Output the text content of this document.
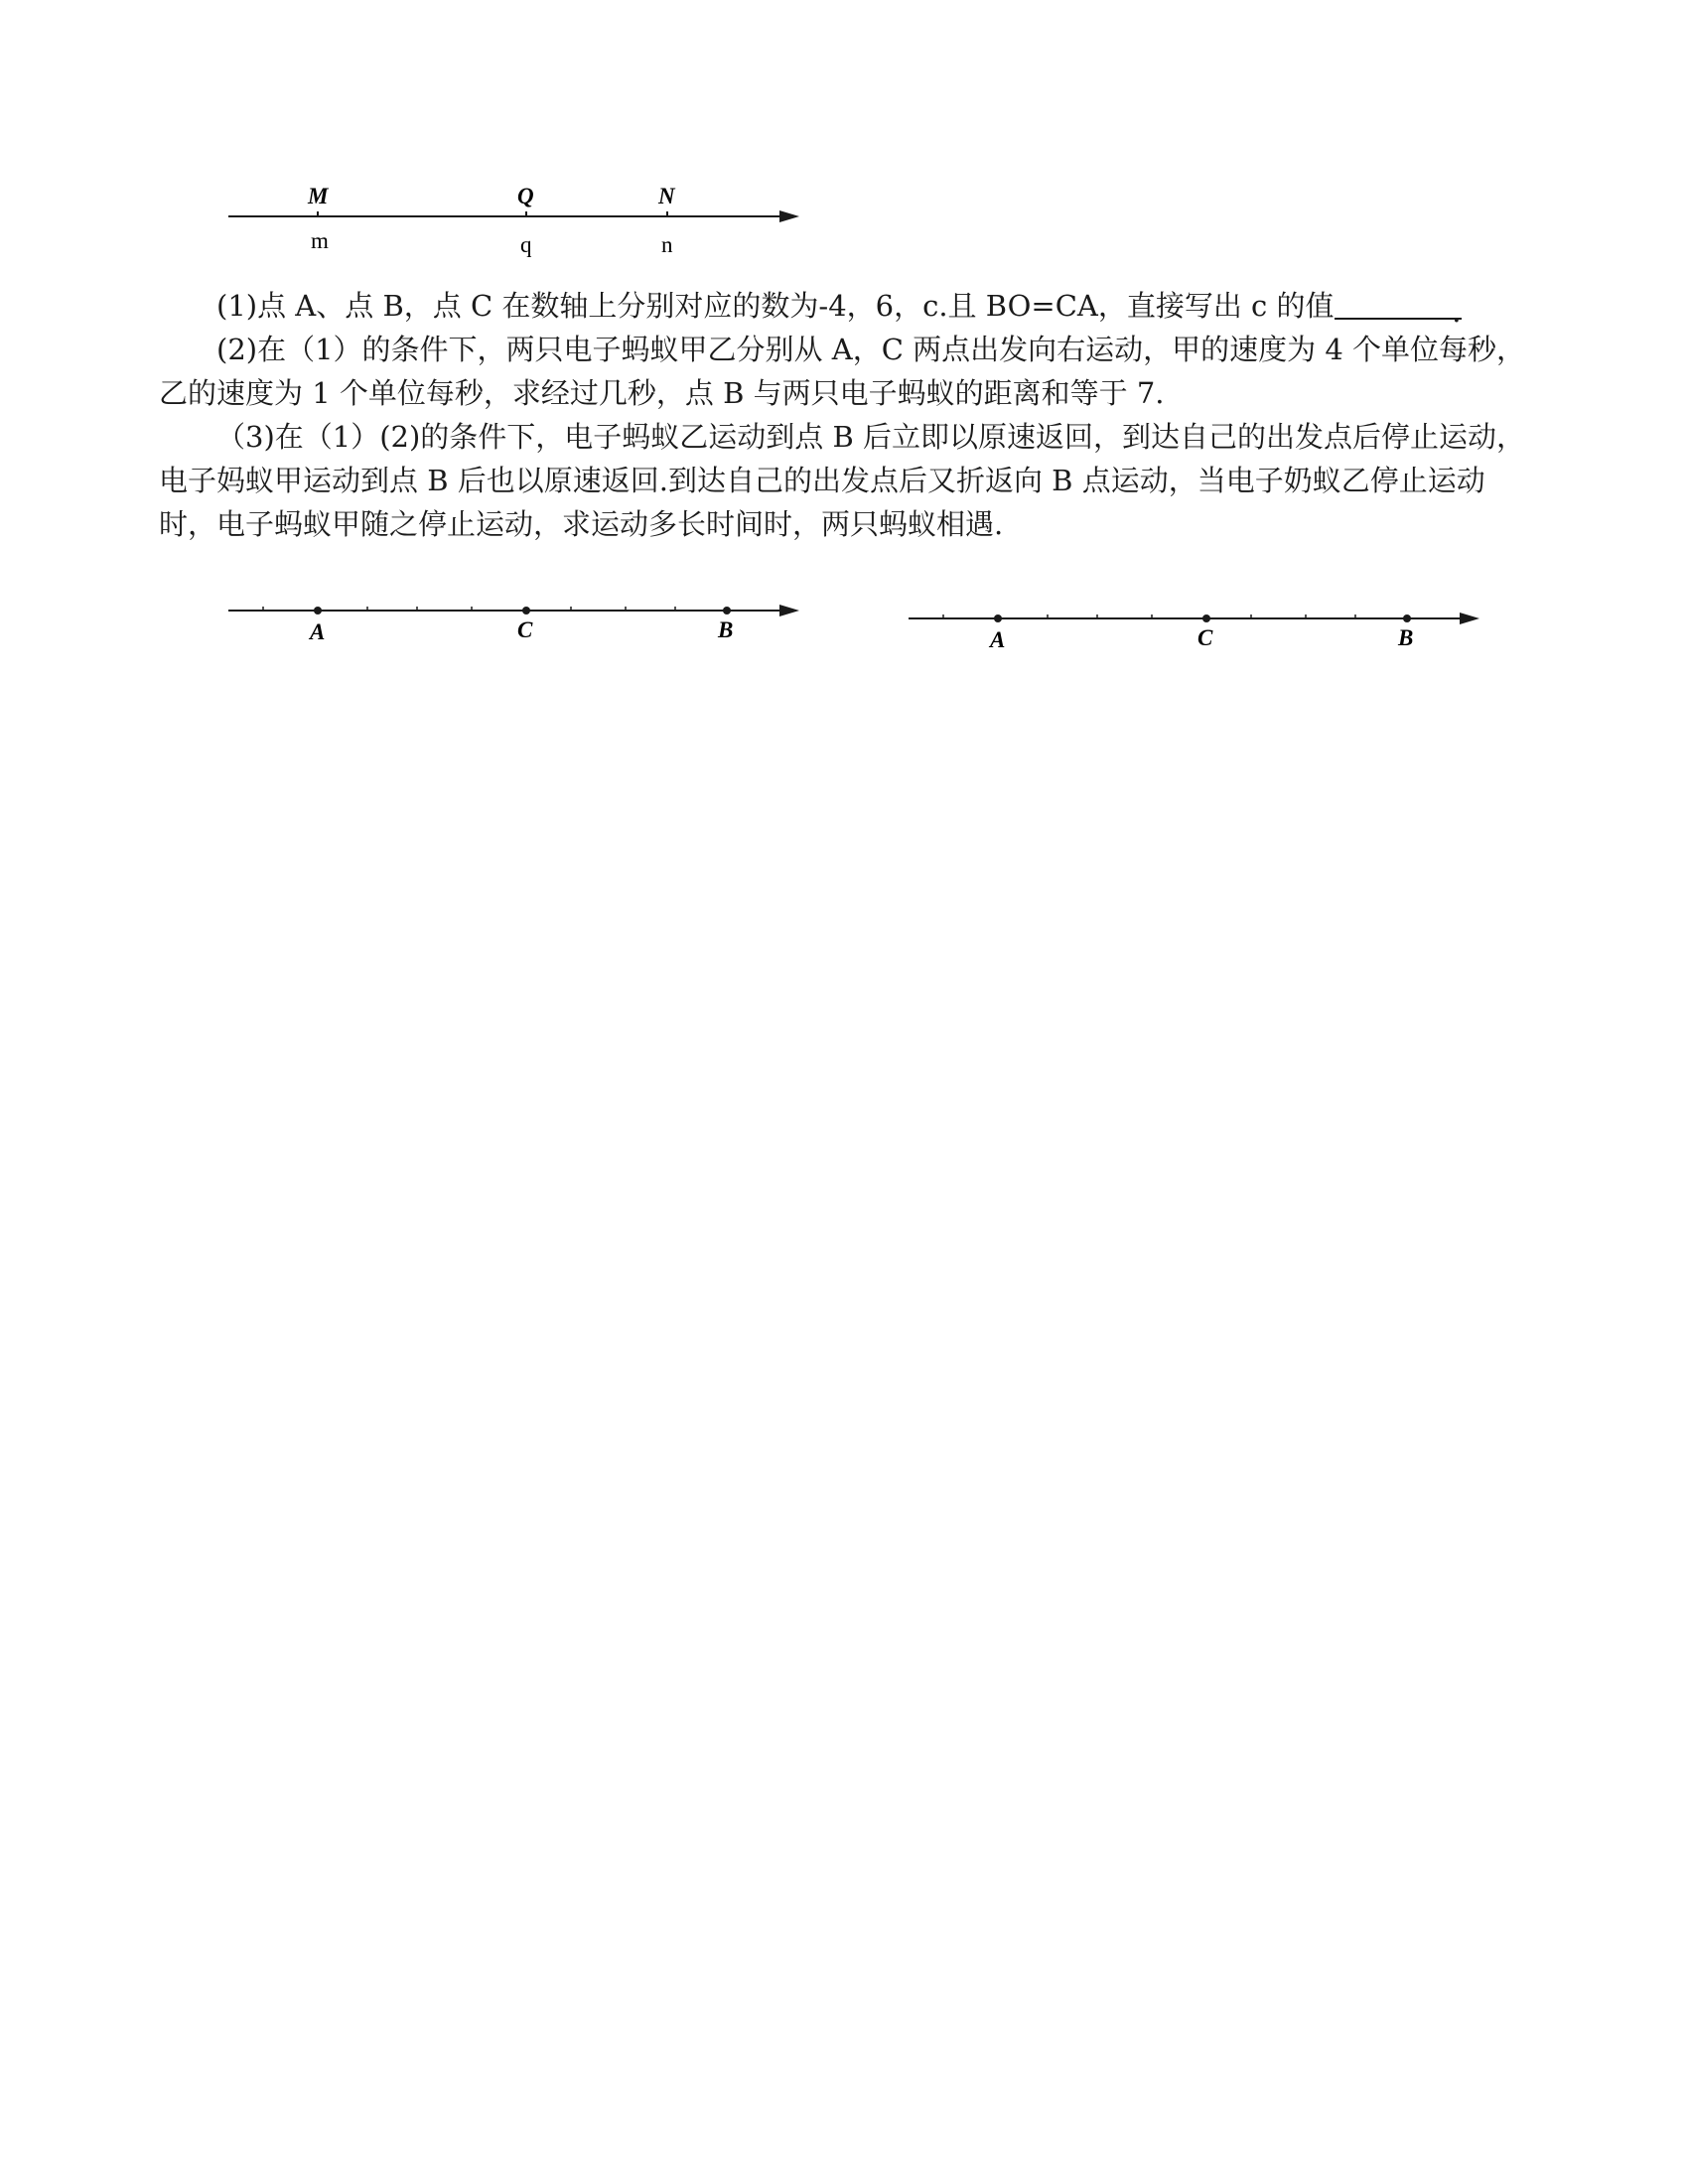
M
m
Q
q
N
n
(1)点 A、点 B，点 C 在数轴上分别对应的数为-4，6，c.且 BO=CA，直接写出 c 的值	.
(2)在（1）的条件下，两只电子蚂蚁甲乙分别从 A，C 两点出发向右运动，甲的速度为 4 个单位每秒，乙的速度为 1 个单位每秒，求经过几秒，点 B 与两只电子蚂蚁的距离和等于 7.
（3)在（1）(2)的条件下，电子蚂蚁乙运动到点 B 后立即以原速返回，到达自己的出发点后停止运动，电子妈蚁甲运动到点 B 后也以原速返回.到达自己的出发点后又折返向 B 点运动，当电子奶蚁乙停止运动时，电子蚂蚁甲随之停止运动，求运动多长时间时，两只蚂蚁相遇.
A	C	B	A	C	B
